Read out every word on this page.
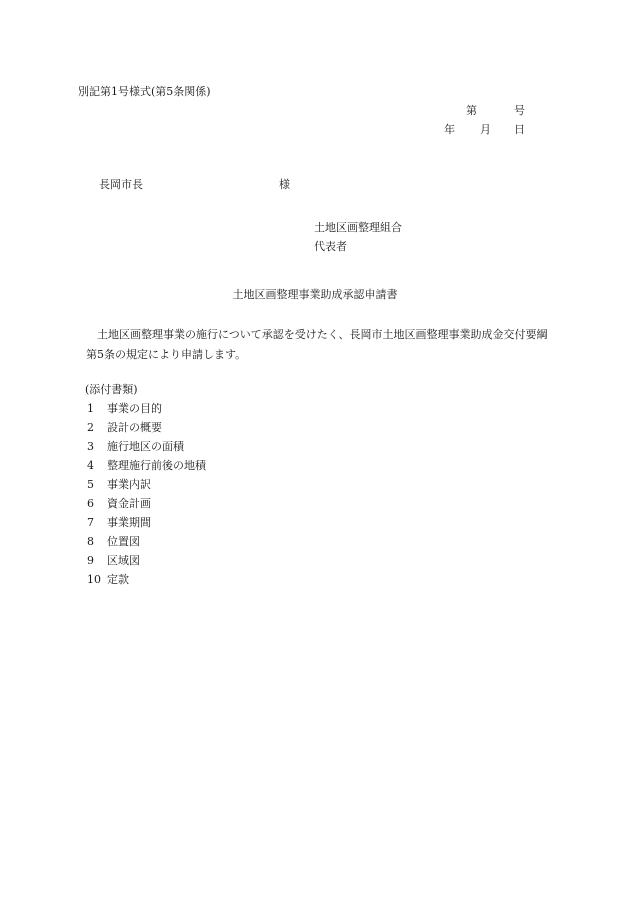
別記第1号様式(第5条関係)
第	号
年 月 日
長岡市長	様
土地区画整理組合
代表者
土地区画整理事業助成承認申請書
土地区画整理事業の施行について承認を受けたく、長岡市土地区画整理事業助成金交付要綱第5条の規定により申請します。
(添付書類)
1	事業の目的
2	設計の概要
3	施行地区の面積
4	整理施行前後の地積
5	事業内訳
6	資金計画
7	事業期間
8	位置図
9	区域図
10 定款
